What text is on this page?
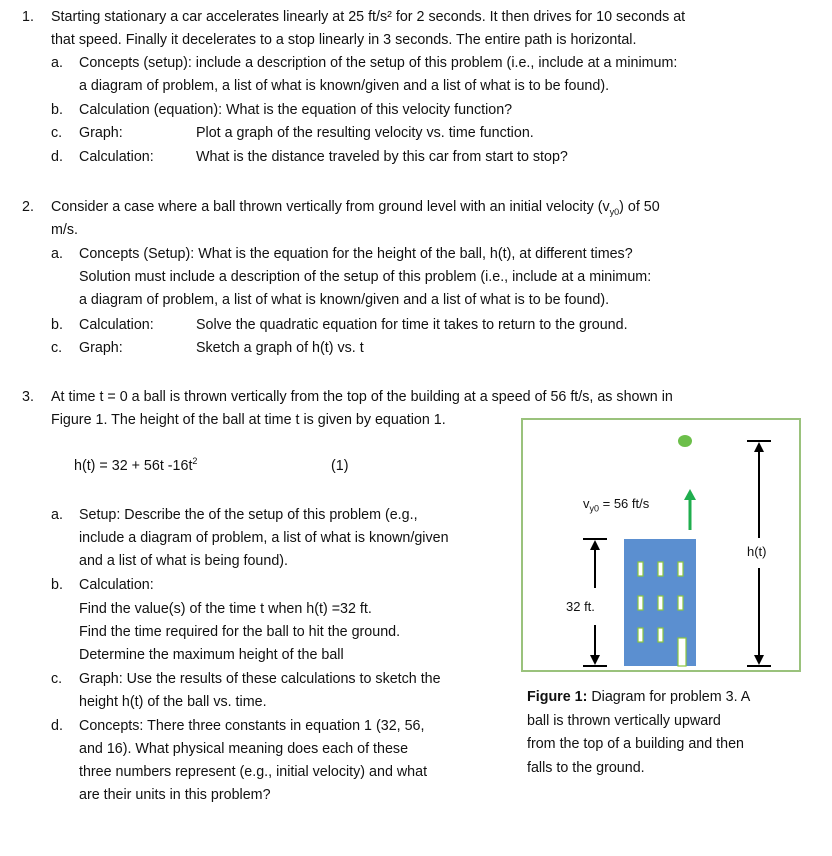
1. Starting stationary a car accelerates linearly at 25 ft/s² for 2 seconds. It then drives for 10 seconds at
that speed. Finally it decelerates to a stop linearly in 3 seconds. The entire path is horizontal.
a. Concepts (setup): include a description of the setup of this problem (i.e., include at a minimum:
a diagram of problem, a list of what is known/given and a list of what is to be found).
b. Calculation (equation): What is the equation of this velocity function?
c. Graph:	Plot a graph of the resulting velocity vs. time function.
d. Calculation:	What is the distance traveled by this car from start to stop?
2. Consider a case where a ball thrown vertically from ground level with an initial velocity $(v_{y0})$ of 50
m/s.
a. Concepts (Setup): What is the equation for the height of the ball, h(t), at different times?
Solution must include a description of the setup of this problem (i.e., include at a minimum:
a diagram of problem, a list of what is known/given and a list of what is to be found).
b. Calculation:	Solve the quadratic equation for time it takes to return to the ground.
c. Graph:	Sketch a graph of h(t) vs. t
3. At time t = 0 a ball is thrown vertically from the top of the building at a speed of 56 ft/s, as shown in
Figure 1. The height of the ball at time t is given by equation 1.
h(t) = 32 + 56t $-16t^2$	(1)
a. Setup: Describe the of the setup of this problem (e.g.,
include a diagram of problem, a list of what is known/given
and a list of what is being found).
b. Calculation:
Find the value(s) of the time t when h(t) =32 ft.
Find the time required for the ball to hit the ground.
Determine the maximum height of the ball
c. Graph: Use the results of these calculations to sketch the
height h(t) of the ball vs. time.
d. Concepts: There three constants in equation 1 (32, 56,
and 16). What physical meaning does each of these
three numbers represent (e.g., initial velocity) and what
are their units in this problem?
$v_{y0} = 56$ ft/s
32 ft.
h(t)
Figure 1: Diagram for problem 3. A
ball is thrown vertically upward
from the top of a building and then
falls to the ground.
